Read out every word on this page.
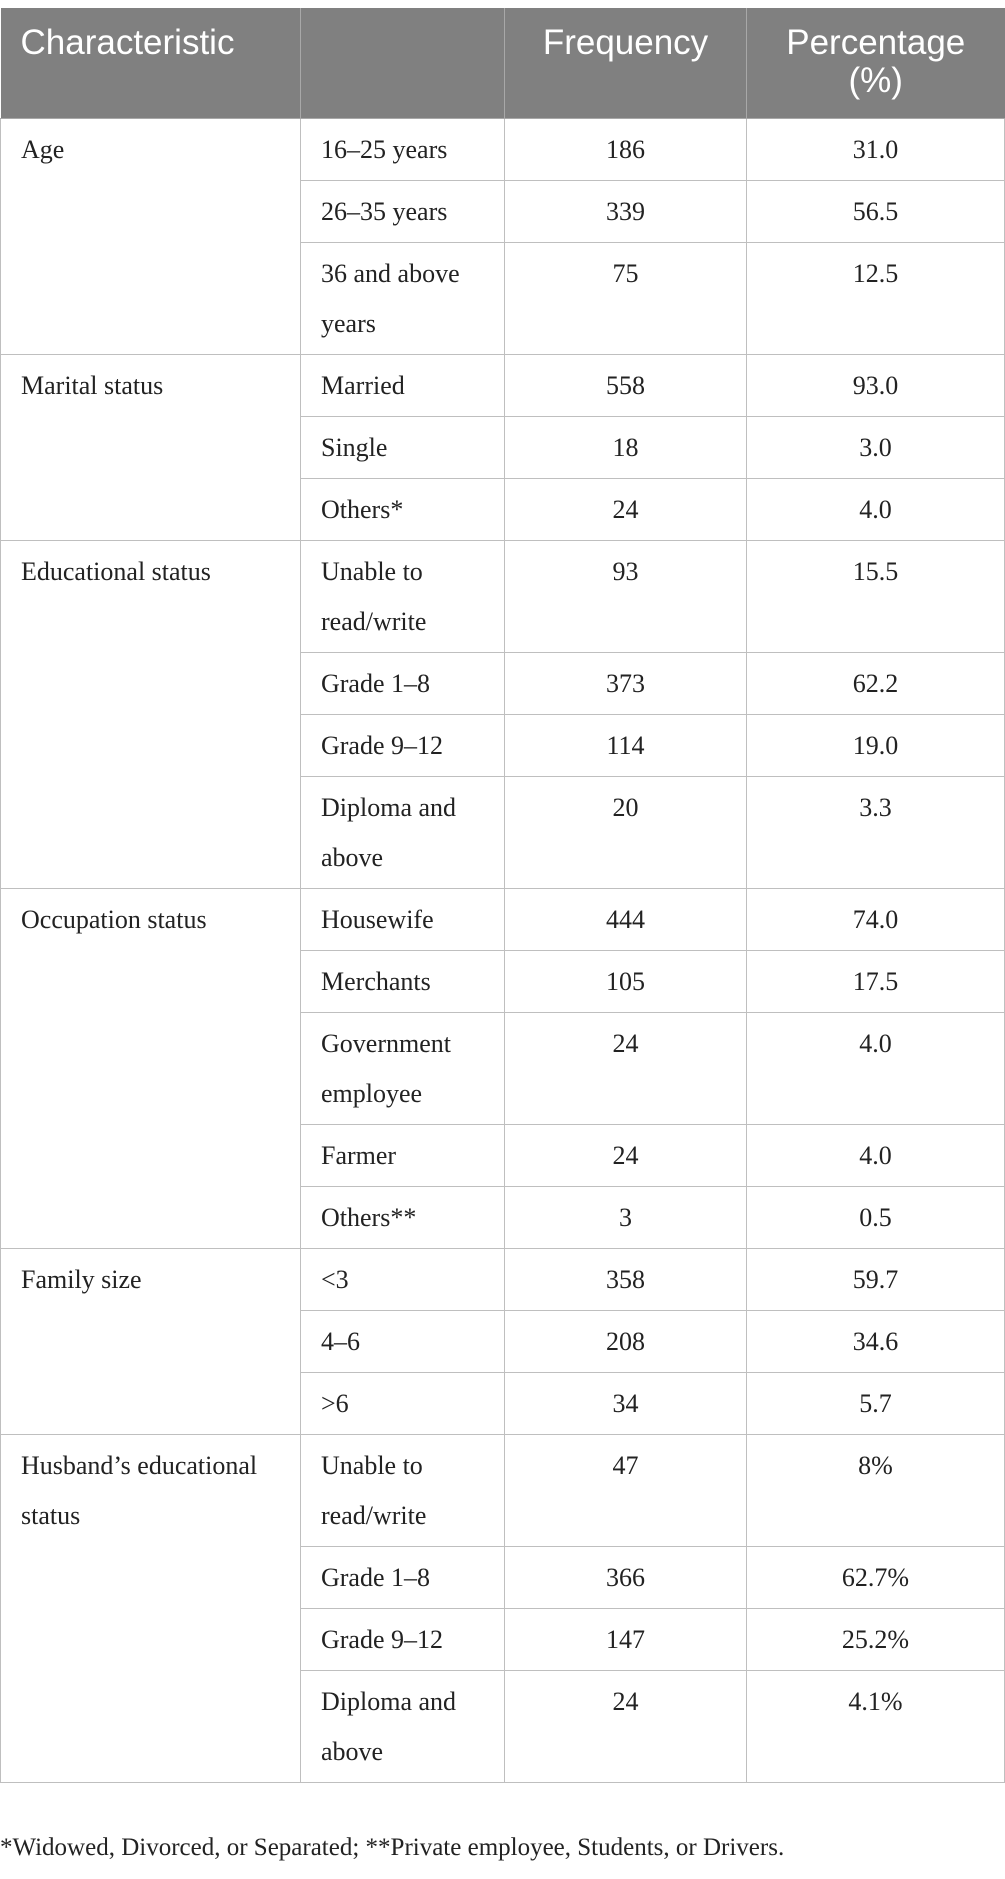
Characteristic		Frequency	Percentage
(%)
Age	16–25 years	186	31.0
	26–35 years	339	56.5
	36 and above years	75	12.5
Marital status	Married	558	93.0
	Single	18	3.0
	Others*	24	4.0
Educational status	Unable to read/write	93	15.5
	Grade 1–8	373	62.2
	Grade 9–12	114	19.0
	Diploma and above	20	3.3
Occupation status	Housewife	444	74.0
	Merchants	105	17.5
	Government employee	24	4.0
	Farmer	24	4.0
	Others**	3	0.5
Family size	<3	358	59.7
	4–6	208	34.6
	>6	34	5.7
Husband’s educational status	Unable to read/write	47	8%
	Grade 1–8	366	62.7%
	Grade 9–12	147	25.2%
	Diploma and above	24	4.1%
*Widowed, Divorced, or Separated; **Private employee, Students, or Drivers.
